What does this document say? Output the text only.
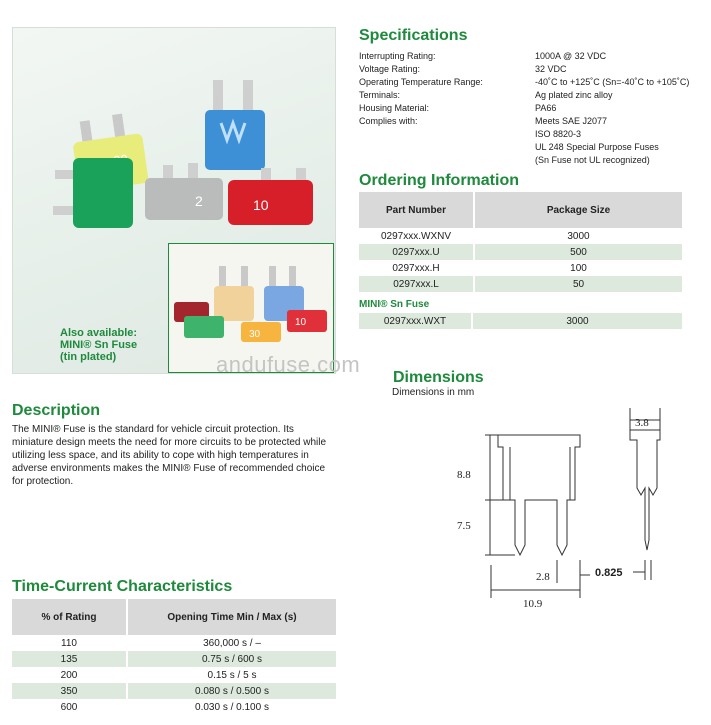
2	10
30
10
Also available:
MINI® Sn Fuse
(tin plated)
Specifications
Interrupting Rating:	1000A @ 32 VDC
Voltage Rating:	32 VDC
Operating Temperature Range:	-40˚C to +125˚C (Sn=-40˚C to +105˚C)
Terminals:	Ag plated zinc alloy
Housing Material:	PA66
Complies with:	Meets SAE J2077
ISO 8820-3
UL 248 Special Purpose Fuses
(Sn Fuse not UL recognized)
Ordering Information
Part Number	Package Size
0297xxx.WXNV	3000
0297xxx.U	500
0297xxx.H	100
0297xxx.L	50
MINI® Sn Fuse
0297xxx.WXT	3000
andufuse.com
Dimensions
Dimensions in mm
8.8
7.5
2.8
10.9
3.8
0.825
Description
The MINI® Fuse is the standard for vehicle circuit protection. Its miniature design meets the need for more circuits to be protected while utilizing less space, and its ability to cope with high temperatures in adverse environments makes the MINI® Fuse of recommended choice for protection.
Time-Current Characteristics
% of Rating	Opening Time Min / Max (s)
110	360,000 s / –
135	0.75 s / 600 s
200	0.15 s / 5 s
350	0.080 s / 0.500 s
600	0.030 s / 0.100 s
